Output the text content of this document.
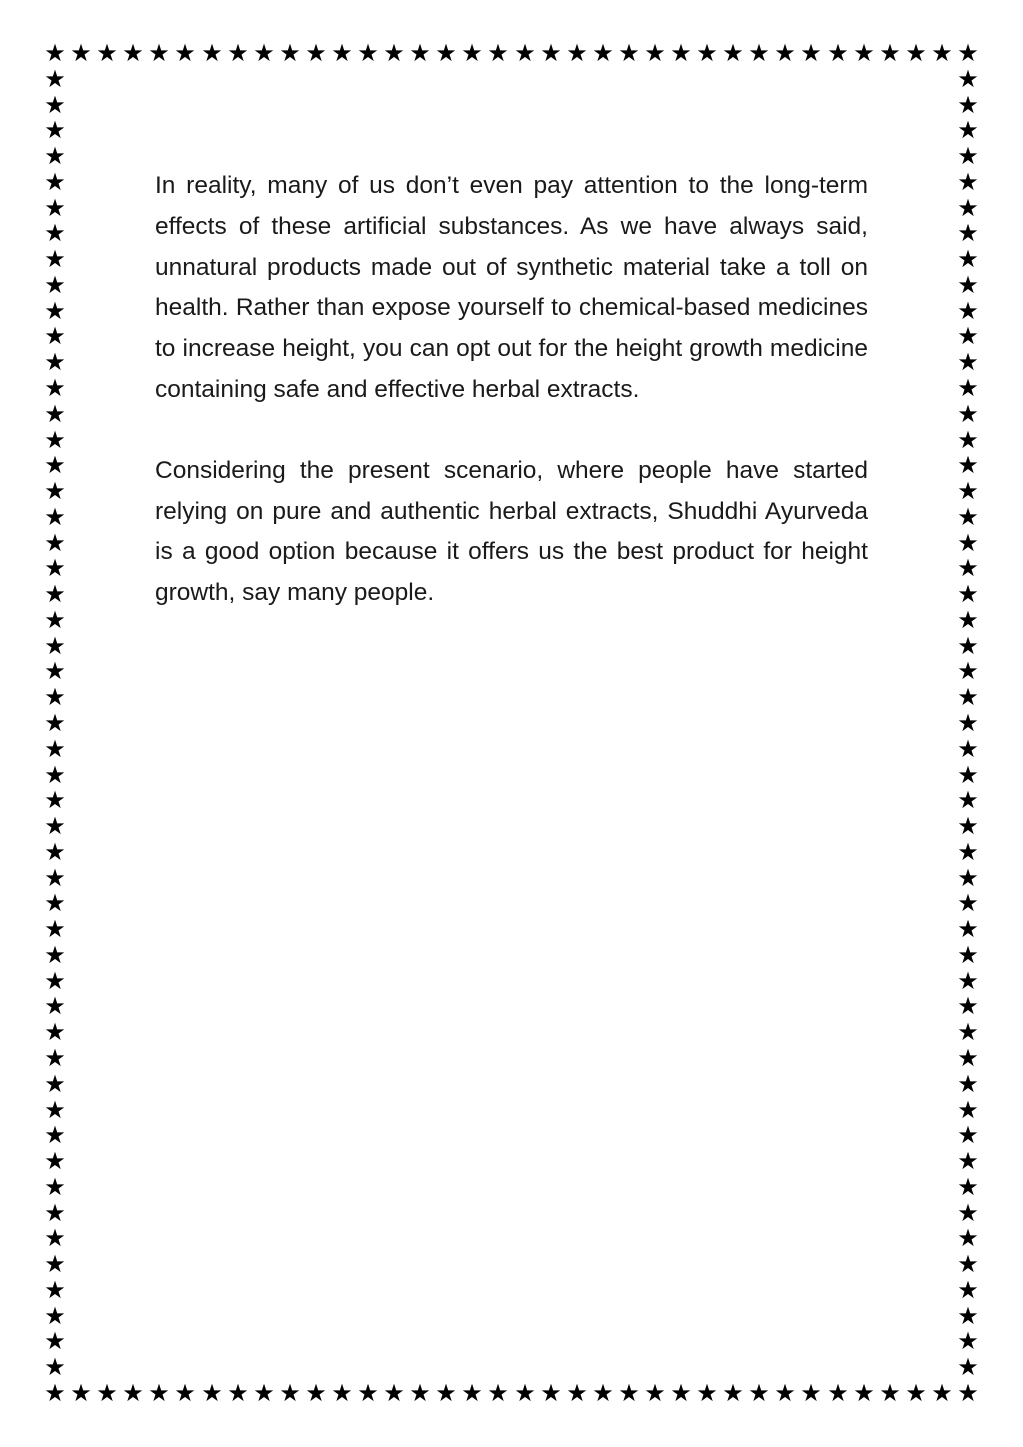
★
★
★
★
★
★
★
★
★
★
★
★
★
★
★
★
★
★
★
★
★
★
★
★
★
★
★
★
★
★
★
★
★
★
★
★
★
★
★
★
★
★
★
★
★
★
★
★
★
★
★
★
★
★
★
★
★
★
★
★
★
★
★
★
★
★
★
★
★
★
★
★
★	★
★	★
★	★
★	★
★	★
★	★
★	★
★	★
★	★
★	★
★	★
★	★
★	★
★	★
★	★
★	★
★	★
★	★
★	★
★	★
★	★
★	★
★	★
★	★
★	★
★	★
★	★
★	★
★	★
★	★
★	★
★	★
★	★
★	★
★	★
★	★
★	★
★	★
★	★
★	★
★	★
★	★
★	★
★	★
★	★
★	★
★	★
★	★
★	★
★	★
★	★

In reality, many of us don’t even pay attention to the long-term effects of these artificial substances. As we have always said, unnatural products made out of synthetic material take a toll on health. Rather than expose yourself to chemical-based medicines to increase height, you can opt out for the height growth medicine containing safe and effective herbal extracts.

Considering the present scenario, where people have started relying on pure and authentic herbal extracts, Shuddhi Ayurveda is a good option because it offers us the best product for height growth, say many people.
